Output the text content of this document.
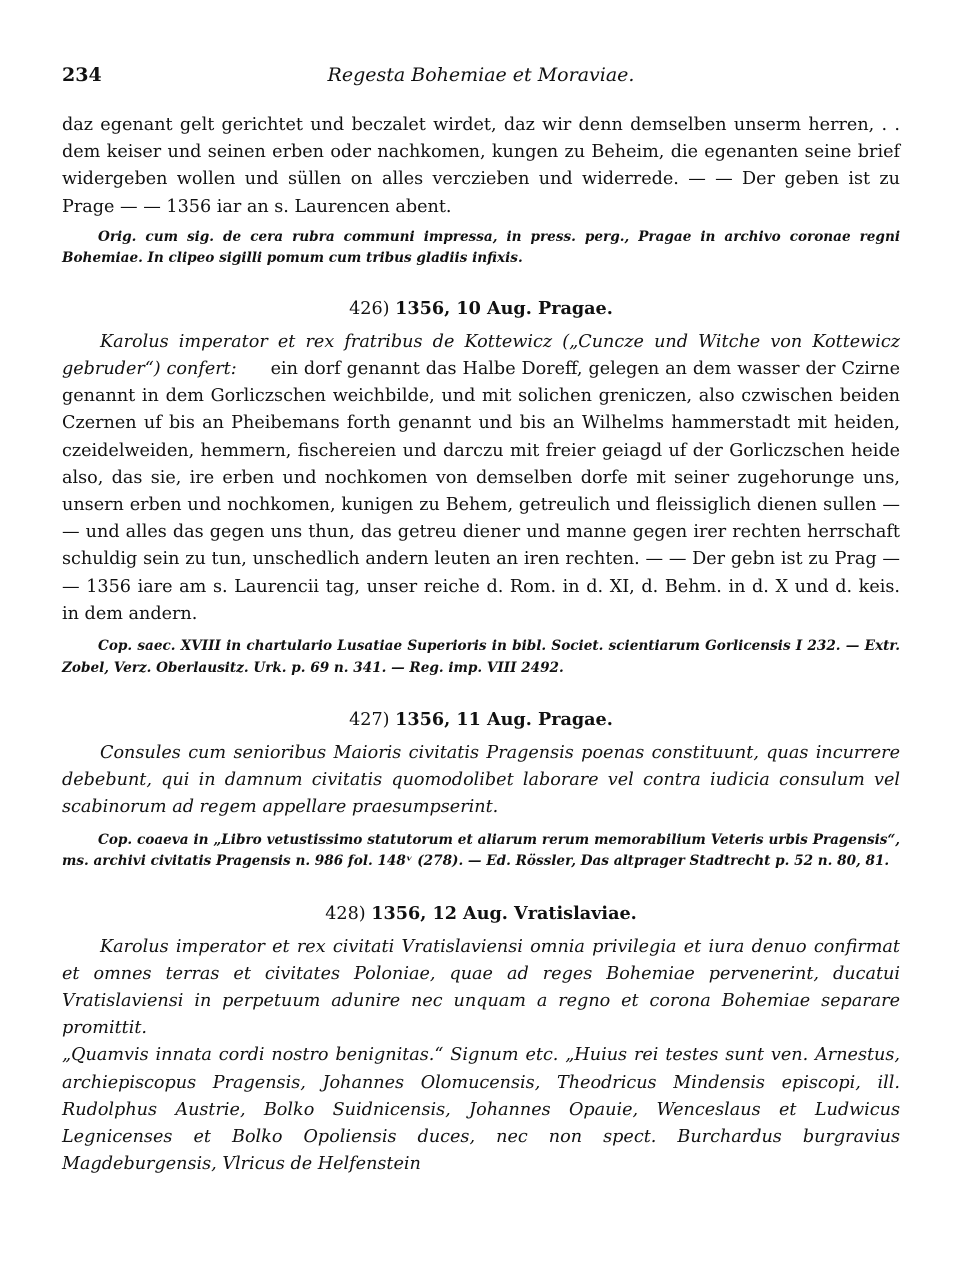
234	Regesta Bohemiae et Moraviae.

daz egenant gelt gerichtet und beczalet wirdet, daz wir denn demselben unserm herren, . . dem keiser und seinen erben oder nachkomen, kungen zu Beheim, die egenanten seine brief widergeben wollen und süllen on alles verczieben und widerrede. — — Der geben ist zu Prage — — 1356 iar an s. Laurencen abent.

Orig. cum sig. de cera rubra communi impressa, in press. perg., Pragae in archivo coronae regni Bohemiae. In clipeo sigilli pomum cum tribus gladiis infixis.

426) 1356, 10 Aug. Pragae.

Karolus imperator et rex fratribus de Kottewicz („Cuncze und Witche von Kottewicz gebruder“) confert: ein dorf genannt das Halbe Doreff, gelegen an dem wasser der Czirne genannt in dem Gorliczschen weichbilde, und mit solichen greniczen, also czwischen beiden Czernen uf bis an Pheibemans forth genannt und bis an Wilhelms hammerstadt mit heiden, czeidelweiden, hemmern, fischereien und darczu mit freier geiagd uf der Gorliczschen heide also, das sie, ire erben und nochkomen von demselben dorfe mit seiner zugehorunge uns, unsern erben und nochkomen, kunigen zu Behem, getreulich und fleissiglich dienen sullen — — und alles das gegen uns thun, das getreu diener und manne gegen irer rechten herrschaft schuldig sein zu tun, unschedlich andern leuten an iren rechten. — — Der gebn ist zu Prag — — 1356 iare am s. Laurencii tag, unser reiche d. Rom. in d. XI, d. Behm. in d. X und d. keis. in dem andern.

Cop. saec. XVIII in chartulario Lusatiae Superioris in bibl. Societ. scientiarum Gorlicensis I 232. — Extr. Zobel, Verz. Oberlausitz. Urk. p. 69 n. 341. — Reg. imp. VIII 2492.

427) 1356, 11 Aug. Pragae.

Consules cum senioribus Maioris civitatis Pragensis poenas constituunt, quas incurrere debebunt, qui in damnum civitatis quomodolibet laborare vel contra iudicia consulum vel scabinorum ad regem appellare praesumpserint.

Cop. coaeva in „Libro vetustissimo statutorum et aliarum rerum memorabilium Veteris urbis Pragensis“, ms. archivi civitatis Pragensis n. 986 fol. 148ᵛ (278). — Ed. Rössler, Das altprager Stadtrecht p. 52 n. 80, 81.

428) 1356, 12 Aug. Vratislaviae.

Karolus imperator et rex civitati Vratislaviensi omnia privilegia et iura denuo confirmat et omnes terras et civitates Poloniae, quae ad reges Bohemiae pervenerint, ducatui Vratislaviensi in perpetuum adunire nec unquam a regno et corona Bohemiae separare promittit.

„Quamvis innata cordi nostro benignitas.“ Signum etc. „Huius rei testes sunt ven. Arnestus, archiepiscopus Pragensis, Johannes Olomucensis, Theodricus Mindensis episcopi, ill. Rudolphus Austrie, Bolko Suidnicensis, Johannes Opauie, Wenceslaus et Ludwicus Legnicenses et Bolko Opoliensis duces, nec non spect. Burchardus burgravius Magdeburgensis, Vlricus de Helfenstein
